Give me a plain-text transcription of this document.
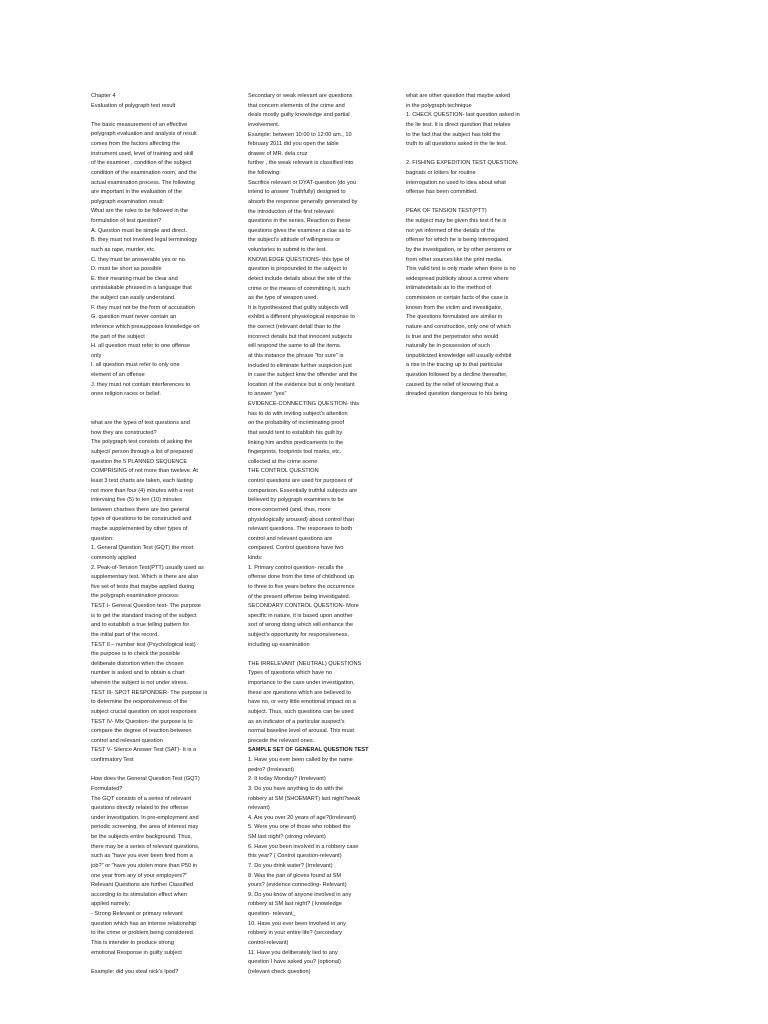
Chapter 4
Evaluation of polygraph test result
The basic measurement of an effective
polygraph evaluation and analysis of result
comes from the factors affecting the
instrument used, level of training and skill
of the examiner , condition of the subject
condition of the examination room, and the
actual examination process. The following
are important in the evaluation of the
polygraph examination result:
What are the rules to be followed in the
formulation of test question?
A. Question must be simple and direct.
B. they must not involved legal terminology
such as rape, murder, etc.
C. they must be answerable yes or no.
D. must be short as possible
E. their meaning must be clear and
unmistakable phrased in a language that
the subject can easily understand.
F. they must not be the form of accusation
G. question must never contain an
inference which presupposes knowledge on
the part of the subject
H. all question must refer to one offense
only
I. all question must refer to only one
element of an offense
J. they must not contain interferences to
ones religion races or belief.
what are the types of test questions and
how they are constructed?
The polygraph test consists of asking the
subject/ person through a list of prepared
question the 5 PLANNED SEQUENCE
COMPRISING of not more than tweleve. At
least 3 test charts are taken, each lasting
not more than four (4) minutes with a rest
intervaing five (5) to ten (10) minutes
between chartses there are two general
types of questions to be constructed and
maybe supplemented by other types of
question:
1. General Question Test (GQT) the most
commonly applied
2. Peak-of-Tension Test(PTT) usually used as
supplementary test. Which is there are also
five set of tests that maybe applied during
the polygraph examination process:
TEST I- General Question test- The purpose
is to get the standard tracing of the subject
and to establish a true telling pattern for
the initial part of the record.
TEST II – number test (Psychological test)
the purpose is to check the possible
deliberate distortion when the chosen
number is asked and to obtain a chart
wherein the subject is not under stress.
TEST III- SPOT RESPONDER- The purpose is
to determine the responsiveness of the
subject crucial question on spot responses
TEST IV- Mix Question- the purpose is to
compare the degree of reaction between
control and relevant question
TEST V- Silence Answer Test (SAT)- It is a
confirmatory Test
How does the General Question Test (GQT)
Formulated?
The GQT consists of a series of relevant
questions directly related to the offense
under investigation. In pre-employment and
periodic screening, the area of interest may
be the subjects entire background. Thus,
there may be a series of relevant questions,
such as "have you ever been fired from a
job?" or "have you stolen more than P50 in
one year from any of your employers?"
Relevant Questions are further Classified
according to its stimulation effect when
applied namely;
- Strong Relevant or primary relevant
question which has an intense relationship
to the crime or problem being considered.
This is intender to produce strong
emotional Response in guilty subject
Example: did you steal nick's Ipod?
Secondary or weak relevant are questions
that concern elements of the crime and
deals mostly guilty knowledge and partial
involvement.
Example: between 10:00 to 12:00 am., 10
february 2011 did you open the table
drawer of MR. dela cruz
further , the weak relevant is classified into
the following:
Sacrifice relevant or DYAT-question (do you
intend to answer Truthfully) designed to
absorb the response generally generated by
the introduction of the first relevant
questions in the series. Reaction to these
questions gives the examiner a clue as to
the subject's attitude of willingness or
voluntaries to submit to the test.
KNOWLEDGE QUESTIONS- this type of
question is propounded to the subject to
detect include details about the site of the
crime or the means of committing it, such
as the type of weapon used.
It is hypothesized that guilty subjects will
exhibit a different physiological response to
the correct (relevant detail than to the
incorrect details but that innocent subjects
will respond the same to all the items.
at this instance the phrase "for sure" is
included to eliminate further suspicion just
in case the subject knw the offender and the
location of the evidence but is only hesitant
to answer "yes"
EVIDENCE-CONNECTING QUESTION- this
has to do with inviting subject's attention
on the probability of incriminating proof
that would tent to establish his guilt by
linking him andhis predicaments to the
fingerprints, footprints tool marks, etc.
collected at the crime scene
THE CONTROL QUESTION
control questions are used for purposes of
comparison. Essentially truthful subjects are
believed by polygraph examiners to be
more concerned (and, thus, more
physiologically aroused) about control than
relevant questions. The responses to both
control and relevant questions are
compared. Control questions have two
kinds:
1. Primary control question- recalls the
offense done from the time of childhood up
to three to five years before the occurrence
of the present offense being investigated.
SECONDARY CONTROL QUESTION- More
specific in nature, it is based upon another
sort of wrong doing which will enhance the
subject's opportunity for responsiveness,
including up examination
THE IRRELEVANT (NEUTRAL) QUESTIONS
Types of questions which have no
importance to the case under investigation,
these are questions which are believed to
have no, or very little emotional impact on a
subject. Thus, such questions can be used
as an indicator of a particular suspect's
normal baseline level of arousal. This must
precede the relevant ones.
SAMPLE SET OF GENERAL QUESTION TEST
1. Have you ever been called by the name
pedro? (Irrelevant)
2. It today Monday? (Irrelevant)
3. Do you have anything to do with the
robbery at SM (SHOEMART) last night?weak
relevant)
4. Are you over 20 years of age?(Irrelevant)
5. Were you one of those who robbed the
SM last night? (strong relevant)
6. Have you been involved in a robbery case
this year? ( Control question-relevant)
7. Do you drink water? (Irrelevant)
8. Was the pair of gloves found at SM
yours? (evidence connecting- Relevant)
9. Do you know of anyone involved in any
robbery at SM last night? ( knowledge
question- relevant_
10. Have you ever been involved in any
robbery in your entire life? (secondary
control-relevant)
11. Have you deliberately lied to any
question I have asked you? (optional)
(relevant check question)
what are other question that maybe asked
in the polygraph technique
1. CHECK QUESTION- last question asked in
the lie test. It is direct question that relates
to the fact that the subject has told the
truth to all questions asked in the lie test.
2. FISHING EXPEDITION TEST QUESTION-
bagnats or loiters for routine
interrogation.no used to idea about what
offense has been committed.
PEAK OF TENSION TEST(PTT)
the subject may be given this test if he is
not yet informed of the details of the
offense for which he is being interrogated
by the investigation, or by other persons or
from other sources like the print media.
This valid test is only made when there is no
widespread publicity about a crime where
intimatedetails as to the method of
commission or certain facts of the case is
known from the victim and investigator.
The questions formulated are similar in
nature and construction, only one of which
is true and the perpetrator who would
naturally be in possession of such
unpublicized knowledge will usually exhibit
a rise in the tracing up to that particular
question followed by a decline thereafter,
caused by the relief of knowing that a
dreaded question dangerous to his being
